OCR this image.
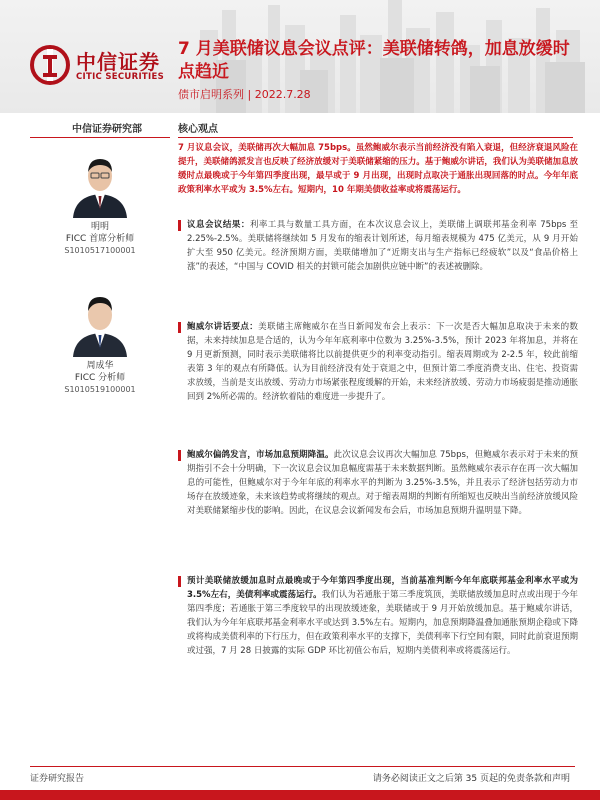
中信证券
CITIC SECURITIES
7 月美联储议息会议点评：美联储转鸽，加息放缓时点趋近
债市启明系列 | 2022.7.28
中信证券研究部	核心观点
明明
FICC 首席分析师
S1010517100001
周成华
FICC 分析师
S1010519100001
7 月议息会议，美联储再次大幅加息 75bps。虽然鲍威尔表示当前经济没有陷入衰退，但经济衰退风险在提升，美联储鸽派发言也反映了经济放缓对于美联储紧缩的压力。基于鲍威尔讲话，我们认为美联储加息放缓时点最晚或于今年第四季度出现，最早或于 9 月出现，出现时点取决于通胀出现回落的时点。今年年底政策利率水平或为 3.5%左右。短期内，10 年期美债收益率或将震荡运行。
议息会议结果：利率工具与数量工具方面，在本次议息会议上，美联储上调联邦基金利率 75bps 至 2.25%-2.5%。美联储将继续如 5 月发布的缩表计划所述，每月缩表规模为 475 亿美元，从 9 月开始扩大至 950 亿美元。经济预期方面，美联储增加了“近期支出与生产指标已经疲软”以及“食品价格上涨”的表述，“中国与 COVID 相关的封锁可能会加剧供应链中断”的表述被删除。
鲍威尔讲话要点：美联储主席鲍威尔在当日新闻发布会上表示：下一次是否大幅加息取决于未来的数据，未来持续加息是合适的，认为今年年底利率中位数为 3.25%-3.5%，预计 2023 年将加息，并将在 9 月更新预测，同时表示美联储将比以前提供更少的利率变动指引。缩表周期或为 2-2.5 年，较此前缩表第 3 年的观点有所降低。认为目前经济没有处于衰退之中，但预计第二季度消费支出、住宅、投资需求放缓，当前是支出放缓、劳动力市场紧张程度缓解的开始，未来经济放缓、劳动力市场疲弱是推动通胀回到 2%所必需的。经济软着陆的难度进一步提升了。
鲍威尔偏鸽发言，市场加息预期降温。此次议息会议再次大幅加息 75bps，但鲍威尔表示对于未来的预期指引不会十分明确，下一次议息会议加息幅度需基于未来数据判断。虽然鲍威尔表示存在再一次大幅加息的可能性，但鲍威尔对于今年年底的利率水平的判断为 3.25%-3.5%，并且表示了经济包括劳动力市场存在放缓迹象，未来该趋势或将继续的观点。对于缩表周期的判断有所缩短也反映出当前经济放缓风险对美联储紧缩步伐的影响。因此，在议息会议新闻发布会后，市场加息预期升温明显下降。
预计美联储放缓加息时点最晚或于今年第四季度出现，当前基准判断今年年底联邦基金利率水平或为 3.5%左右，美债利率或震荡运行。我们认为若通胀于第三季度筑顶，美联储放缓加息时点或出现于今年第四季度；若通胀于第三季度较早的出现放缓迹象，美联储或于 9 月开始放缓加息。基于鲍威尔讲话，我们认为今年年底联邦基金利率水平或达到 3.5%左右。短期内，加息预期降温叠加通胀预期企稳或下降或将构成美债利率的下行压力，但在政策利率水平的支撑下，美债利率下行空间有限，同时此前衰退预期或过强，7 月 28 日披露的实际 GDP 环比初值公布后，短期内美债利率或将震荡运行。
证券研究报告	请务必阅读正文之后第 35 页起的免责条款和声明
